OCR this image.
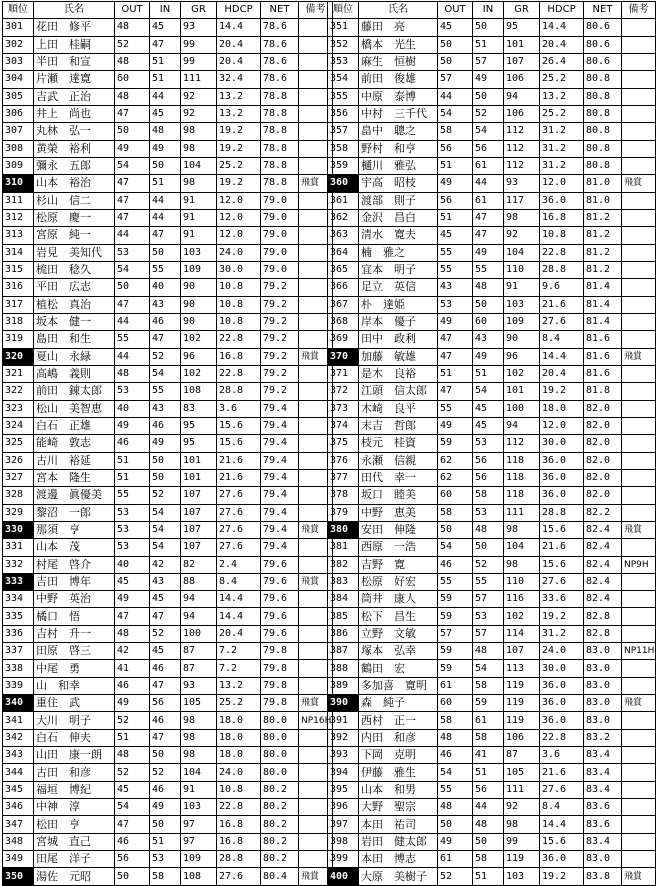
順位	氏名	OUT	IN	GR	HDCP	NET	備考
301	花田　修平	48	45	93	14.4	78.6	
302	上田　桂嗣	52	47	99	20.4	78.6	
303	半田　和宣	48	51	99	20.4	78.6	
304	片瀬　達寛	60	51	111	32.4	78.6	
305	吉武　正治	48	44	92	13.2	78.8	
306	井上　尚也	47	45	92	13.2	78.8	
307	丸林　弘一	50	48	98	19.2	78.8	
308	黄榮　裕利	49	49	98	19.2	78.8	
309	彌永　五郎	54	50	104	25.2	78.8	
310	山本　裕治	47	51	98	19.2	78.8	飛賞
311	杉山　信二	47	44	91	12.0	79.0	
312	松原　慶一	47	44	91	12.0	79.0	
313	宮原　純一	44	47	91	12.0	79.0	
314	岩見　美知代	53	50	103	24.0	79.0	
315	梳田　稔久	54	55	109	30.0	79.0	
316	平田　広志	50	40	90	10.8	79.2	
317	植松　真治	47	43	90	10.8	79.2	
318	坂本　健一	44	46	90	10.8	79.2	
319	島田　和生	55	47	102	22.8	79.2	
320	夏山　永緑	44	52	96	16.8	79.2	飛賞
321	高嶋　義則	48	54	102	22.8	79.2	
322	前田　錬太郎	53	55	108	28.8	79.2	
323	松山　美智恵	40	43	83	3.6	79.4	
324	白石　正雄	49	46	95	15.6	79.4	
325	能崎　敦志	46	49	95	15.6	79.4	
326	古川　裕延	51	50	101	21.6	79.4	
327	宮本　隆生	51	50	101	21.6	79.4	
328	渡邊　眞優美	55	52	107	27.6	79.4	
329	黎沼　一郎	53	54	107	27.6	79.4	
330	那須　亨	53	54	107	27.6	79.4	飛賞
331	山本　茂	53	54	107	27.6	79.4	
332	村尾　啓介	40	42	82	2.4	79.6	
333	吉田　博年	45	43	88	8.4	79.6	飛賞
334	中野　英治	49	45	94	14.4	79.6	
335	橘口　悟	47	47	94	14.4	79.6	
336	吉村　升一	48	52	100	20.4	79.6	
337	田原　啓三	42	45	87	7.2	79.8	
338	中尾　勇	41	46	87	7.2	79.8	
339	山　和幸	46	47	93	13.2	79.8	
340	重住　武	49	56	105	25.2	79.8	飛賞
341	大川　明子	52	46	98	18.0	80.0	NP16H
342	白石　伸夫	51	47	98	18.0	80.0	
343	山田　康一朗	48	50	98	18.0	80.0	
344	古田　和彦	52	52	104	24.0	80.0	
345	福垣　博紀	45	46	91	10.8	80.2	
346	中神　淳	54	49	103	22.8	80.2	
347	松田　亨	47	50	97	16.8	80.2	
348	宮城　直己	46	51	97	16.8	80.2	
349	田尾　洋子	56	53	109	28.8	80.2	
350	湯佐　元昭	50	58	108	27.6	80.4	飛賞
順位	氏名	OUT	IN	GR	HDCP	NET	備考
351	藤田　亮	45	50	95	14.4	80.6	
352	橋本　光生	50	51	101	20.4	80.6	
353	麻生　恒樹	50	57	107	26.4	80.6	
354	前田　俊雄	57	49	106	25.2	80.8	
355	中原　泰博	44	50	94	13.2	80.8	
356	中村　三千代	54	52	106	25.2	80.8	
357	畠中　聰之	58	54	112	31.2	80.8	
358	野村　和亨	56	56	112	31.2	80.8	
359	樋川　雅弘	51	61	112	31.2	80.8	
360	宇高　昭枝	49	44	93	12.0	81.0	飛賞
361	渡部　則子	56	61	117	36.0	81.0	
362	金沢　昌白	51	47	98	16.8	81.2	
363	清水　寛夫	45	47	92	10.8	81.2	
364	楠　雅之	55	49	104	22.8	81.2	
365	宜本　明子	55	55	110	28.8	81.2	
366	足立　英信	43	48	91	9.6	81.4	
367	朴　達姫	53	50	103	21.6	81.4	
368	岸本　優子	49	60	109	27.6	81.4	
369	田中　政利	47	43	90	8.4	81.6	
370	加藤　敏雄	47	49	96	14.4	81.6	飛賞
371	是木　良裕	51	51	102	20.4	81.6	
372	江頭　信太郎	47	54	101	19.2	81.8	
373	木崎　良平	55	45	100	18.0	82.0	
374	末吉　哲郎	49	45	94	12.0	82.0	
375	枝元　桂資	59	53	112	30.0	82.0	
376	永瀬　信親	62	56	118	36.0	82.0	
377	田代　幸一	62	56	118	36.0	82.0	
378	坂口　睦美	60	58	118	36.0	82.0	
379	中野　恵美	58	53	111	28.8	82.2	
380	安田　伸隆	50	48	98	15.6	82.4	飛賞
381	西原　一浩	54	50	104	21.6	82.4	
382	吉野　寛	46	52	98	15.6	82.4	NP9H
383	松原　好宏	55	55	110	27.6	82.4	
384	筒井　康人	59	57	116	33.6	82.4	
385	松下　昌生	59	53	102	19.2	82.8	
386	立野　文敏	57	57	114	31.2	82.8	
387	塚本　弘幸	59	48	107	24.0	83.0	NP11H
388	鶴田　宏	59	54	113	30.0	83.0	
389	多加喜　寛明	61	58	119	36.0	83.0	
390	森　純子	60	59	119	36.0	83.0	飛賞
391	西村　正一	58	61	119	36.0	83.0	
392	内田　和彦	48	58	106	22.8	83.2	
393	下岡　克明	46	41	87	3.6	83.4	
394	伊藤　雅生	54	51	105	21.6	83.4	
395	山本　和男	55	56	111	27.6	83.4	
396	大野　聖宗	48	44	92	8.4	83.6	
397	本田　祐司	50	48	98	14.4	83.6	
398	岩田　健太郎	49	50	99	15.6	83.4	
399	本田　博志	61	58	119	36.0	83.0	
400	大原　美樹子	52	51	103	19.2	83.8	飛賞
